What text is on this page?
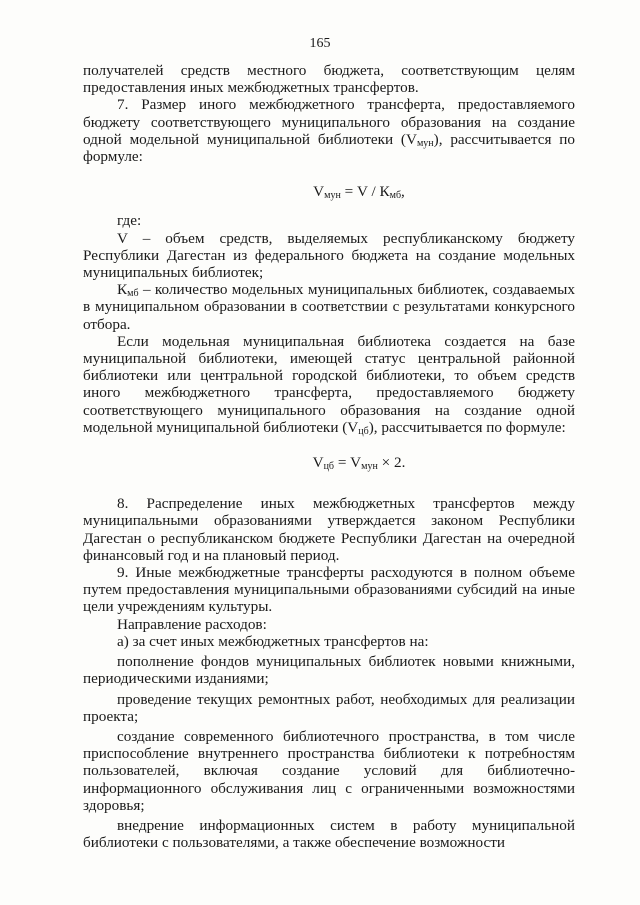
165

получателей средств местного бюджета, соответствующим целям предоставления иных межбюджетных трансфертов.

7. Размер иного межбюджетного трансферта, предоставляемого бюджету соответствующего муниципального образования на создание одной модельной муниципальной библиотеки $(V_{мун})$, рассчитывается по формуле:

$V_{мун} = V / К_{мб}$,

где:

V – объем средств, выделяемых республиканскому бюджету Республики Дагестан из федерального бюджета на создание модельных муниципальных библиотек;

$К_{мб}$ – количество модельных муниципальных библиотек, создаваемых в муниципальном образовании в соответствии с результатами конкурсного отбора.

Если модельная муниципальная библиотека создается на базе муниципальной библиотеки, имеющей статус центральной районной библиотеки или центральной городской библиотеки, то объем средств иного межбюджетного трансферта, предоставляемого бюджету соответствующего муниципального образования на создание одной модельной муниципальной библиотеки $(V_{цб})$, рассчитывается по формуле:

$V_{цб} = V_{мун} \times 2$.

8. Распределение иных межбюджетных трансфертов между муниципальными образованиями утверждается законом Республики Дагестан о республиканском бюджете Республики Дагестан на очередной финансовый год и на плановый период.

9. Иные межбюджетные трансферты расходуются в полном объеме путем предоставления муниципальными образованиями субсидий на иные цели учреждениям культуры.

Направление расходов:

а) за счет иных межбюджетных трансфертов на:

пополнение фондов муниципальных библиотек новыми книжными, периодическими изданиями;

проведение текущих ремонтных работ, необходимых для реализации проекта;

создание современного библиотечного пространства, в том числе приспособление внутреннего пространства библиотеки к потребностям пользователей, включая создание условий для библиотечно-информационного обслуживания лиц с ограниченными возможностями здоровья;

внедрение информационных систем в работу муниципальной библиотеки с пользователями, а также обеспечение возможности
